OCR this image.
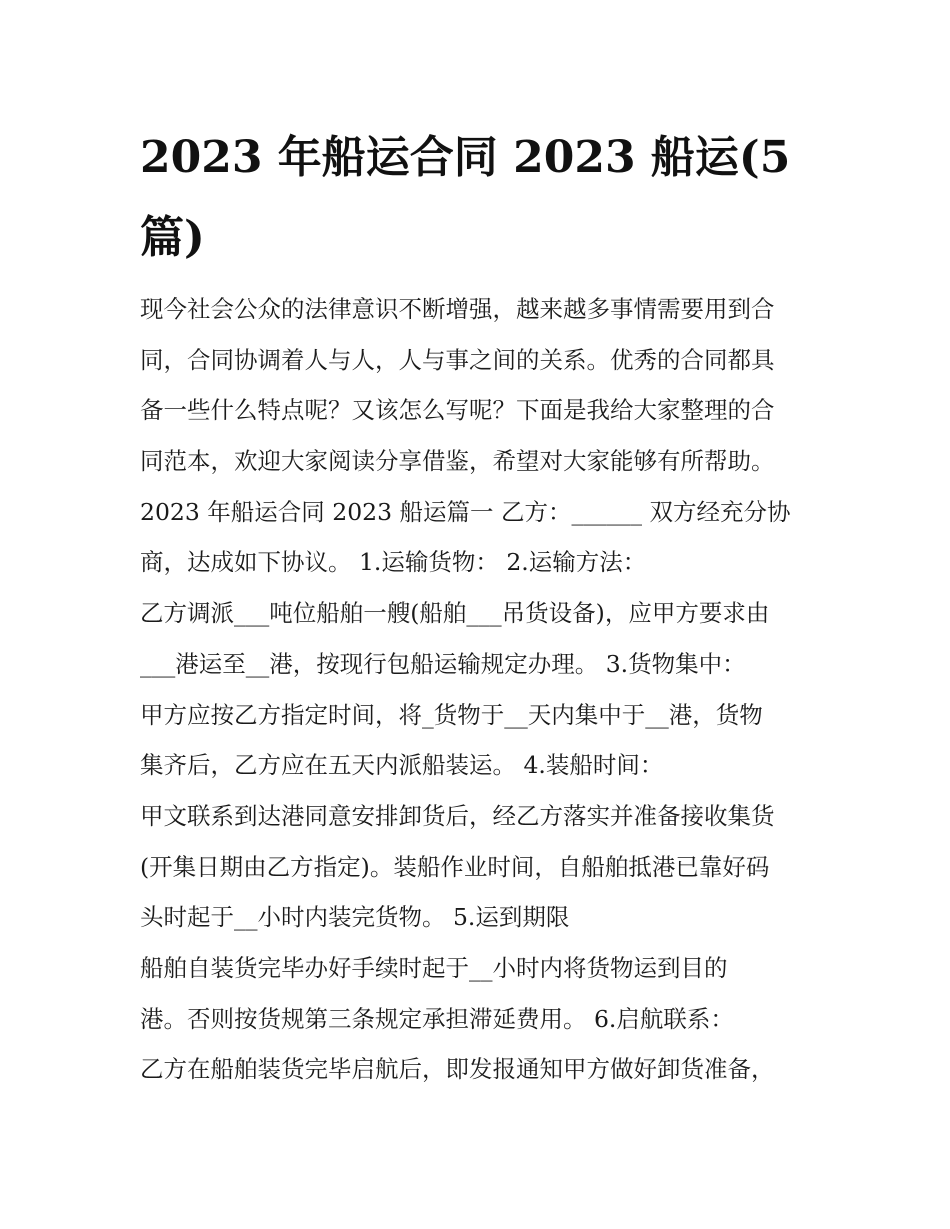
2023 年船运合同 2023 船运(5
篇)
现今社会公众的法律意识不断增强，越来越多事情需要用到合
同，合同协调着人与人，人与事之间的关系。优秀的合同都具
备一些什么特点呢？又该怎么写呢？下面是我给大家整理的合
同范本，欢迎大家阅读分享借鉴，希望对大家能够有所帮助。
2023 年船运合同 2023 船运篇一 乙方：______ 双方经充分协
商，达成如下协议。 1.运输货物： 2.运输方法：
乙方调派___吨位船舶一艘(船舶___吊货设备)，应甲方要求由
___港运至__港，按现行包船运输规定办理。 3.货物集中：
甲方应按乙方指定时间，将_货物于__天内集中于__港，货物
集齐后，乙方应在五天内派船装运。 4.装船时间：
甲文联系到达港同意安排卸货后，经乙方落实并准备接收集货
(开集日期由乙方指定)。装船作业时间，自船舶抵港已靠好码
头时起于__小时内装完货物。 5.运到期限
船舶自装货完毕办好手续时起于__小时内将货物运到目的
港。否则按货规第三条规定承担滞延费用。 6.启航联系：
乙方在船舶装货完毕启航后，即发报通知甲方做好卸货准备，
